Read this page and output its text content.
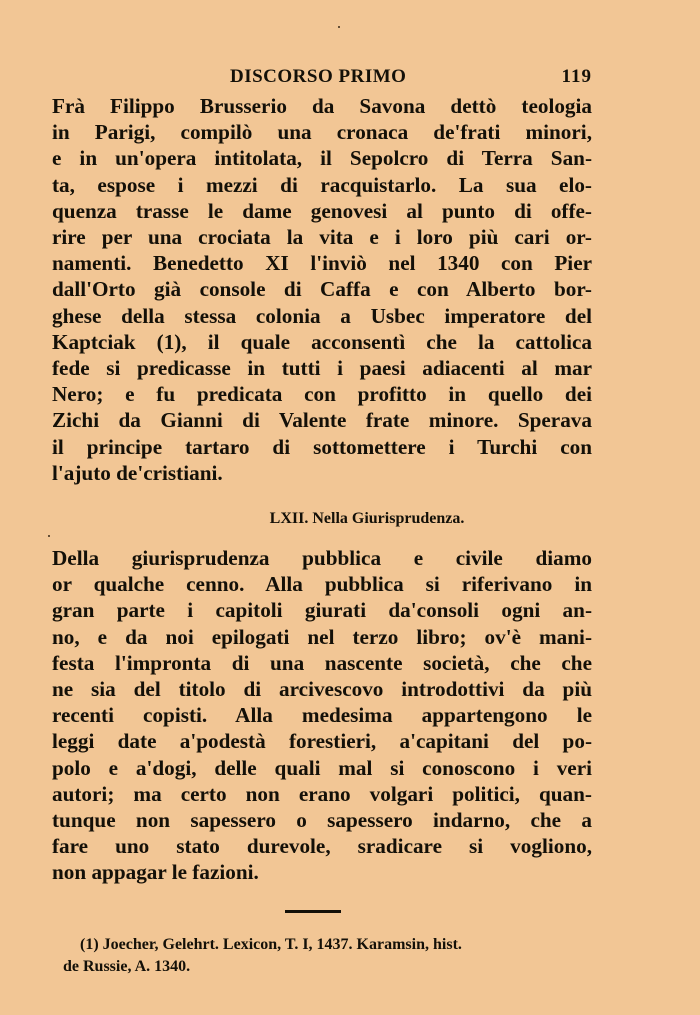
DISCORSO PRIMO	119
Frà Filippo Brusserio da Savona dettò teologia
in Parigi, compilò una cronaca de'frati minori,
e in un'opera intitolata, il Sepolcro di Terra San-
ta, espose i mezzi di racquistarlo. La sua elo-
quenza trasse le dame genovesi al punto di offe-
rire per una crociata la vita e i loro più cari or-
namenti. Benedetto XI l'inviò nel 1340 con Pier
dall'Orto già console di Caffa e con Alberto bor-
ghese della stessa colonia a Usbec imperatore del
Kaptciak (1), il quale acconsentì che la cattolica
fede si predicasse in tutti i paesi adiacenti al mar
Nero; e fu predicata con profitto in quello dei
Zichi da Gianni di Valente frate minore. Sperava
il principe tartaro di sottomettere i Turchi con
l'ajuto de'cristiani.
LXII. Nella Giurisprudenza.
Della giurisprudenza pubblica e civile diamo
or qualche cenno. Alla pubblica si riferivano in
gran parte i capitoli giurati da'consoli ogni an-
no, e da noi epilogati nel terzo libro; ov'è mani-
festa l'impronta di una nascente società, che che
ne sia del titolo di arcivescovo introdottivi da più
recenti copisti. Alla medesima appartengono le
leggi date a'podestà forestieri, a'capitani del po-
polo e a'dogi, delle quali mal si conoscono i veri
autori; ma certo non erano volgari politici, quan-
tunque non sapessero o sapessero indarno, che a
fare uno stato durevole, sradicare si vogliono,
non appagar le fazioni.
(1) Joecher, Gelehrt. Lexicon, T. I, 1437. Karamsin, hist.
de Russie, A. 1340.
